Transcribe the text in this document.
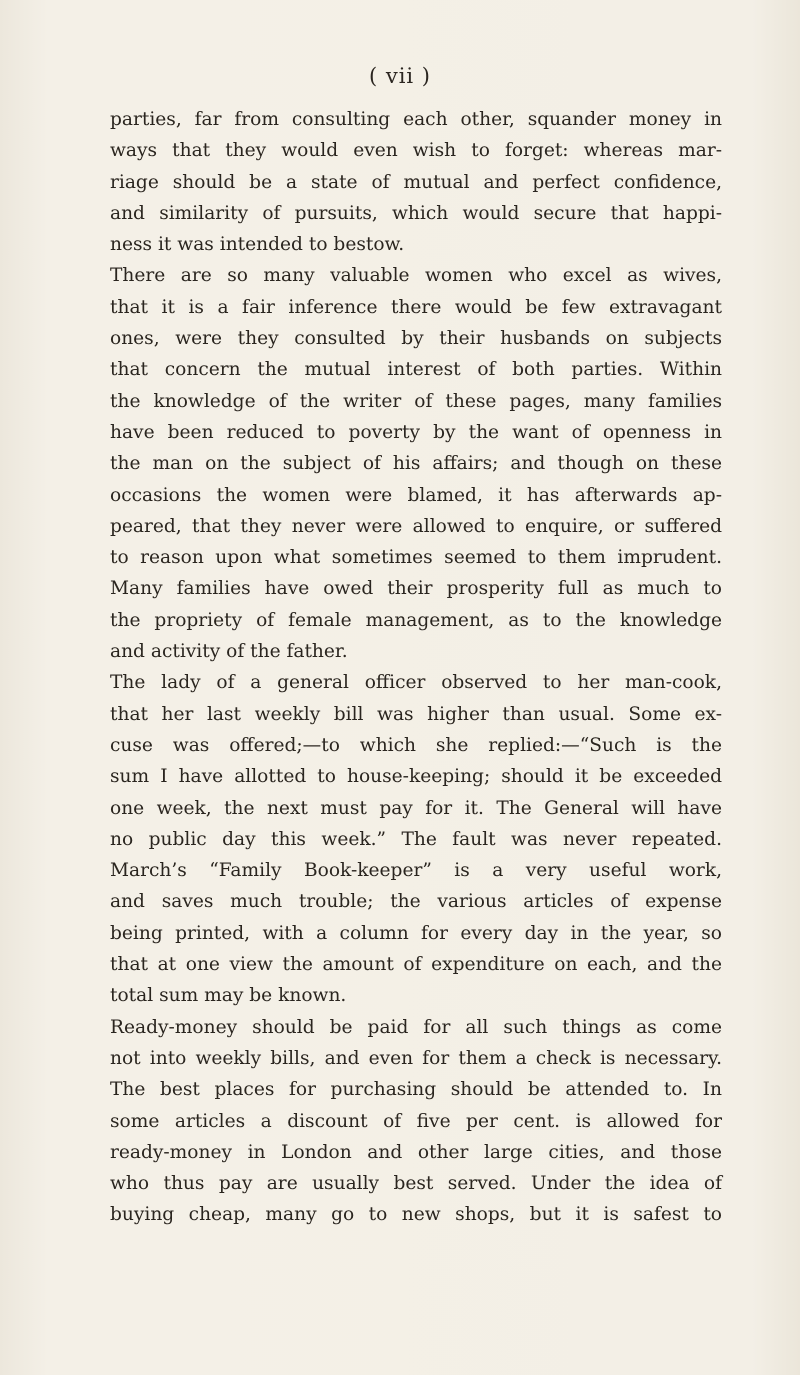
( vii )
parties, far from consulting each other, squander money in
ways that they would even wish to forget: whereas mar-
riage should be a state of mutual and perfect confidence,
and similarity of pursuits, which would secure that happi-
ness it was intended to bestow.
There are so many valuable women who excel as wives,
that it is a fair inference there would be few extravagant
ones, were they consulted by their husbands on subjects
that concern the mutual interest of both parties. Within
the knowledge of the writer of these pages, many families
have been reduced to poverty by the want of openness in
the man on the subject of his affairs; and though on these
occasions the women were blamed, it has afterwards ap-
peared, that they never were allowed to enquire, or suffered
to reason upon what sometimes seemed to them imprudent.
Many families have owed their prosperity full as much to
the propriety of female management, as to the knowledge
and activity of the father.
The lady of a general officer observed to her man-cook,
that her last weekly bill was higher than usual. Some ex-
cuse was offered;—to which she replied:—“Such is the
sum I have allotted to house-keeping; should it be exceeded
one week, the next must pay for it. The General will have
no public day this week.” The fault was never repeated.
March’s “Family Book-keeper” is a very useful work,
and saves much trouble; the various articles of expense
being printed, with a column for every day in the year, so
that at one view the amount of expenditure on each, and the
total sum may be known.
Ready-money should be paid for all such things as come
not into weekly bills, and even for them a check is necessary.
The best places for purchasing should be attended to. In
some articles a discount of five per cent. is allowed for
ready-money in London and other large cities, and those
who thus pay are usually best served. Under the idea of
buying cheap, many go to new shops, but it is safest to
